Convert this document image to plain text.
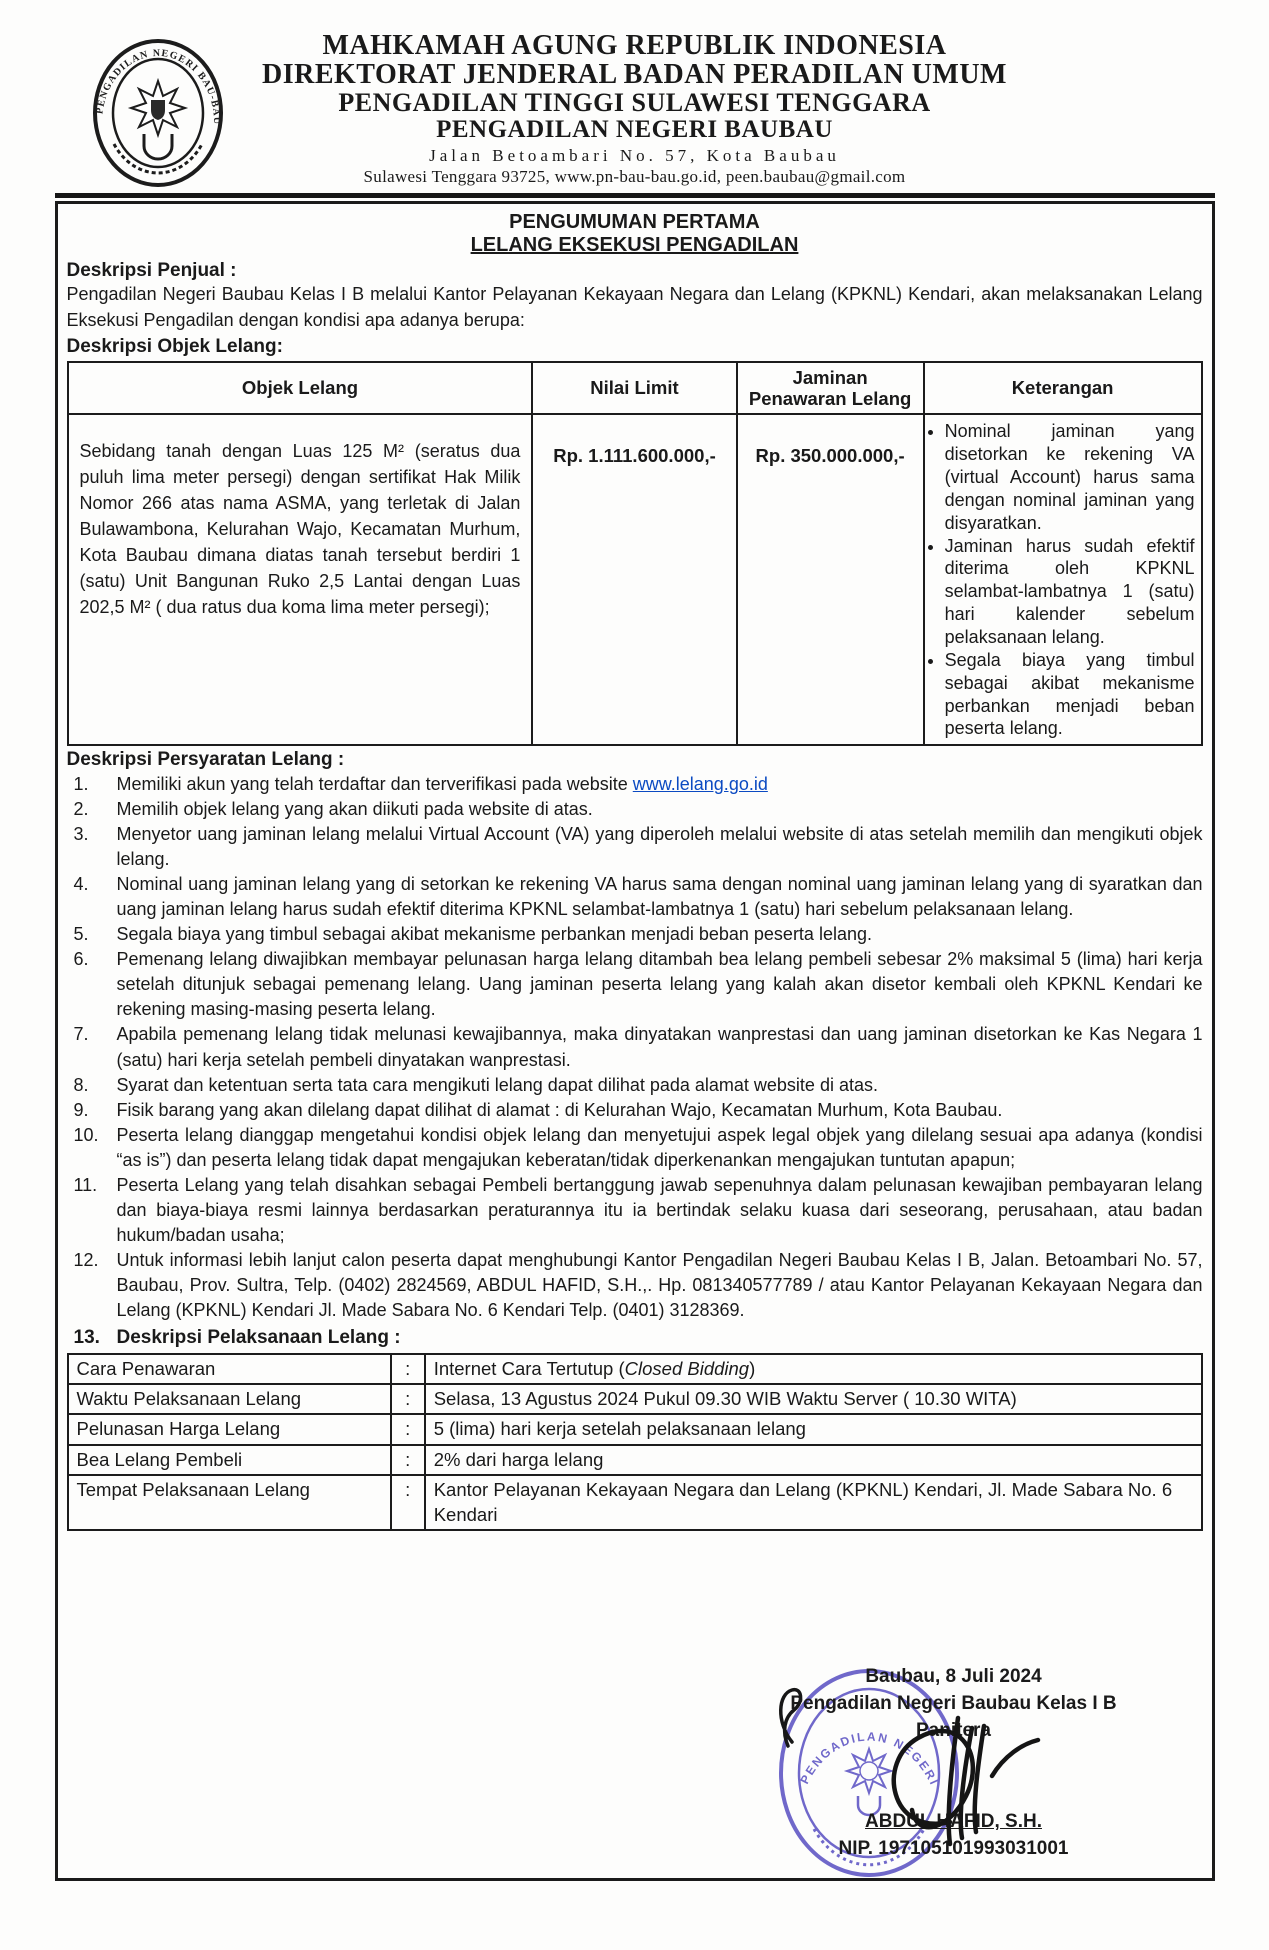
PENGADILAN NEGERI BAU-BAU
MAHKAMAH AGUNG REPUBLIK INDONESIA
DIREKTORAT JENDERAL BADAN PERADILAN UMUM
PENGADILAN TINGGI SULAWESI TENGGARA
PENGADILAN NEGERI BAUBAU
Jalan Betoambari No. 57, Kota Baubau
Sulawesi Tenggara 93725, www.pn-bau-bau.go.id, peen.baubau@gmail.com
PENGUMUMAN PERTAMA
LELANG EKSEKUSI PENGADILAN
Deskripsi Penjual :

Pengadilan Negeri Baubau Kelas I B melalui Kantor Pelayanan Kekayaan Negara dan Lelang (KPKNL) Kendari, akan melaksanakan Lelang Eksekusi Pengadilan dengan kondisi apa adanya berupa:

Deskripsi Objek Lelang:
Objek Lelang	Nilai Limit	Jaminan Penawaran Lelang	Keterangan
Sebidang tanah dengan Luas 125 M² (seratus dua puluh lima meter persegi) dengan sertifikat Hak Milik Nomor 266 atas nama ASMA, yang terletak di Jalan Bulawambona, Kelurahan Wajo, Kecamatan Murhum, Kota Baubau dimana diatas tanah tersebut berdiri 1 (satu) Unit Bangunan Ruko 2,5 Lantai dengan Luas 202,5 M² ( dua ratus dua koma lima meter persegi);	Rp. 1.111.600.000,-	Rp. 350.000.000,-	
• Nominal jaminan yang disetorkan ke rekening VA (virtual Account) harus sama dengan nominal jaminan yang disyaratkan.
• Jaminan harus sudah efektif diterima oleh KPKNL selambat-lambatnya 1 (satu) hari kalender sebelum pelaksanaan lelang.
• Segala biaya yang timbul sebagai akibat mekanisme perbankan menjadi beban peserta lelang.
Deskripsi Persyaratan Lelang :
1.	Memiliki akun yang telah terdaftar dan terverifikasi pada website www.lelang.go.id
2.	Memilih objek lelang yang akan diikuti pada website di atas.
3.	Menyetor uang jaminan lelang melalui Virtual Account (VA) yang diperoleh melalui website di atas setelah memilih dan mengikuti objek lelang.
4.	Nominal uang jaminan lelang yang di setorkan ke rekening VA harus sama dengan nominal uang jaminan lelang yang di syaratkan dan uang jaminan lelang harus sudah efektif diterima KPKNL selambat-lambatnya 1 (satu) hari sebelum pelaksanaan lelang.
5.	Segala biaya yang timbul sebagai akibat mekanisme perbankan menjadi beban peserta lelang.
6.	Pemenang lelang diwajibkan membayar pelunasan harga lelang ditambah bea lelang pembeli sebesar 2% maksimal 5 (lima) hari kerja setelah ditunjuk sebagai pemenang lelang. Uang jaminan peserta lelang yang kalah akan disetor kembali oleh KPKNL Kendari ke rekening masing-masing peserta lelang.
7.	Apabila pemenang lelang tidak melunasi kewajibannya, maka dinyatakan wanprestasi dan uang jaminan disetorkan ke Kas Negara 1 (satu) hari kerja setelah pembeli dinyatakan wanprestasi.
8.	Syarat dan ketentuan serta tata cara mengikuti lelang dapat dilihat pada alamat website di atas.
9.	Fisik barang yang akan dilelang dapat dilihat di alamat : di Kelurahan Wajo, Kecamatan Murhum, Kota Baubau.
10. Peserta lelang dianggap mengetahui kondisi objek lelang dan menyetujui aspek legal objek yang dilelang sesuai apa adanya (kondisi “as is”) dan peserta lelang tidak dapat mengajukan keberatan/tidak diperkenankan mengajukan tuntutan apapun;
11.	Peserta Lelang yang telah disahkan sebagai Pembeli bertanggung jawab sepenuhnya dalam pelunasan kewajiban pembayaran lelang dan biaya-biaya resmi lainnya berdasarkan peraturannya itu ia bertindak selaku kuasa dari seseorang, perusahaan, atau badan hukum/badan usaha;
12. Untuk informasi lebih lanjut calon peserta dapat menghubungi Kantor Pengadilan Negeri Baubau Kelas I B, Jalan. Betoambari No. 57, Baubau, Prov. Sultra, Telp. (0402) 2824569, ABDUL HAFID, S.H.,. Hp. 081340577789 / atau Kantor Pelayanan Kekayaan Negara dan Lelang (KPKNL) Kendari Jl. Made Sabara No. 6 Kendari Telp. (0401) 3128369.
13. Deskripsi Pelaksanaan Lelang :
Cara Penawaran	:	Internet Cara Tertutup (Closed Bidding)
Waktu Pelaksanaan Lelang	:	Selasa, 13 Agustus 2024 Pukul 09.30 WIB Waktu Server ( 10.30 WITA)
Pelunasan Harga Lelang	:	5 (lima) hari kerja setelah pelaksanaan lelang
Bea Lelang Pembeli	:	2% dari harga lelang
Tempat Pelaksanaan Lelang	:	Kantor Pelayanan Kekayaan Negara dan Lelang (KPKNL) Kendari, Jl. Made Sabara No. 6 Kendari
PENGADILAN NEGERI
Baubau, 8 Juli 2024
Pengadilan Negeri Baubau Kelas I B
Panitera
ABDUL HAFID, S.H.
NIP. 197105101993031001
